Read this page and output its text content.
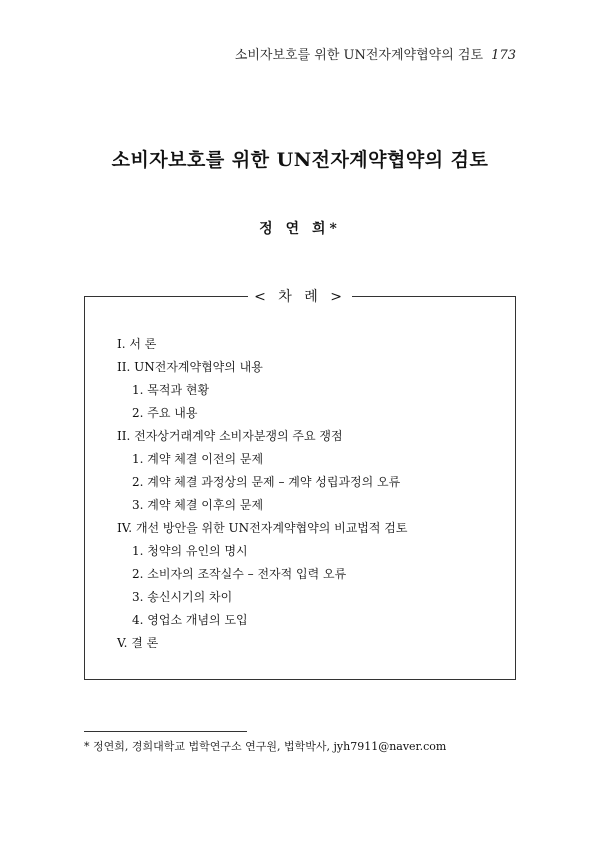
소비자보호를 위한 UN전자계약협약의 검토 173
소비자보호를 위한 UN전자계약협약의 검토
정 연 희*
< 차 례 >
I. 서 론
II. UN전자계약협약의 내용
1. 목적과 현황
2. 주요 내용
II. 전자상거래계약 소비자분쟁의 주요 쟁점
1. 계약 체결 이전의 문제
2. 계약 체결 과정상의 문제 – 계약 성립과정의 오류
3. 계약 체결 이후의 문제
IV. 개선 방안을 위한 UN전자계약협약의 비교법적 검토
1. 청약의 유인의 명시
2. 소비자의 조작실수 – 전자적 입력 오류
3. 송신시기의 차이
4. 영업소 개념의 도입
V. 결 론
* 정연희, 경희대학교 법학연구소 연구원, 법학박사, jyh7911@naver.com
